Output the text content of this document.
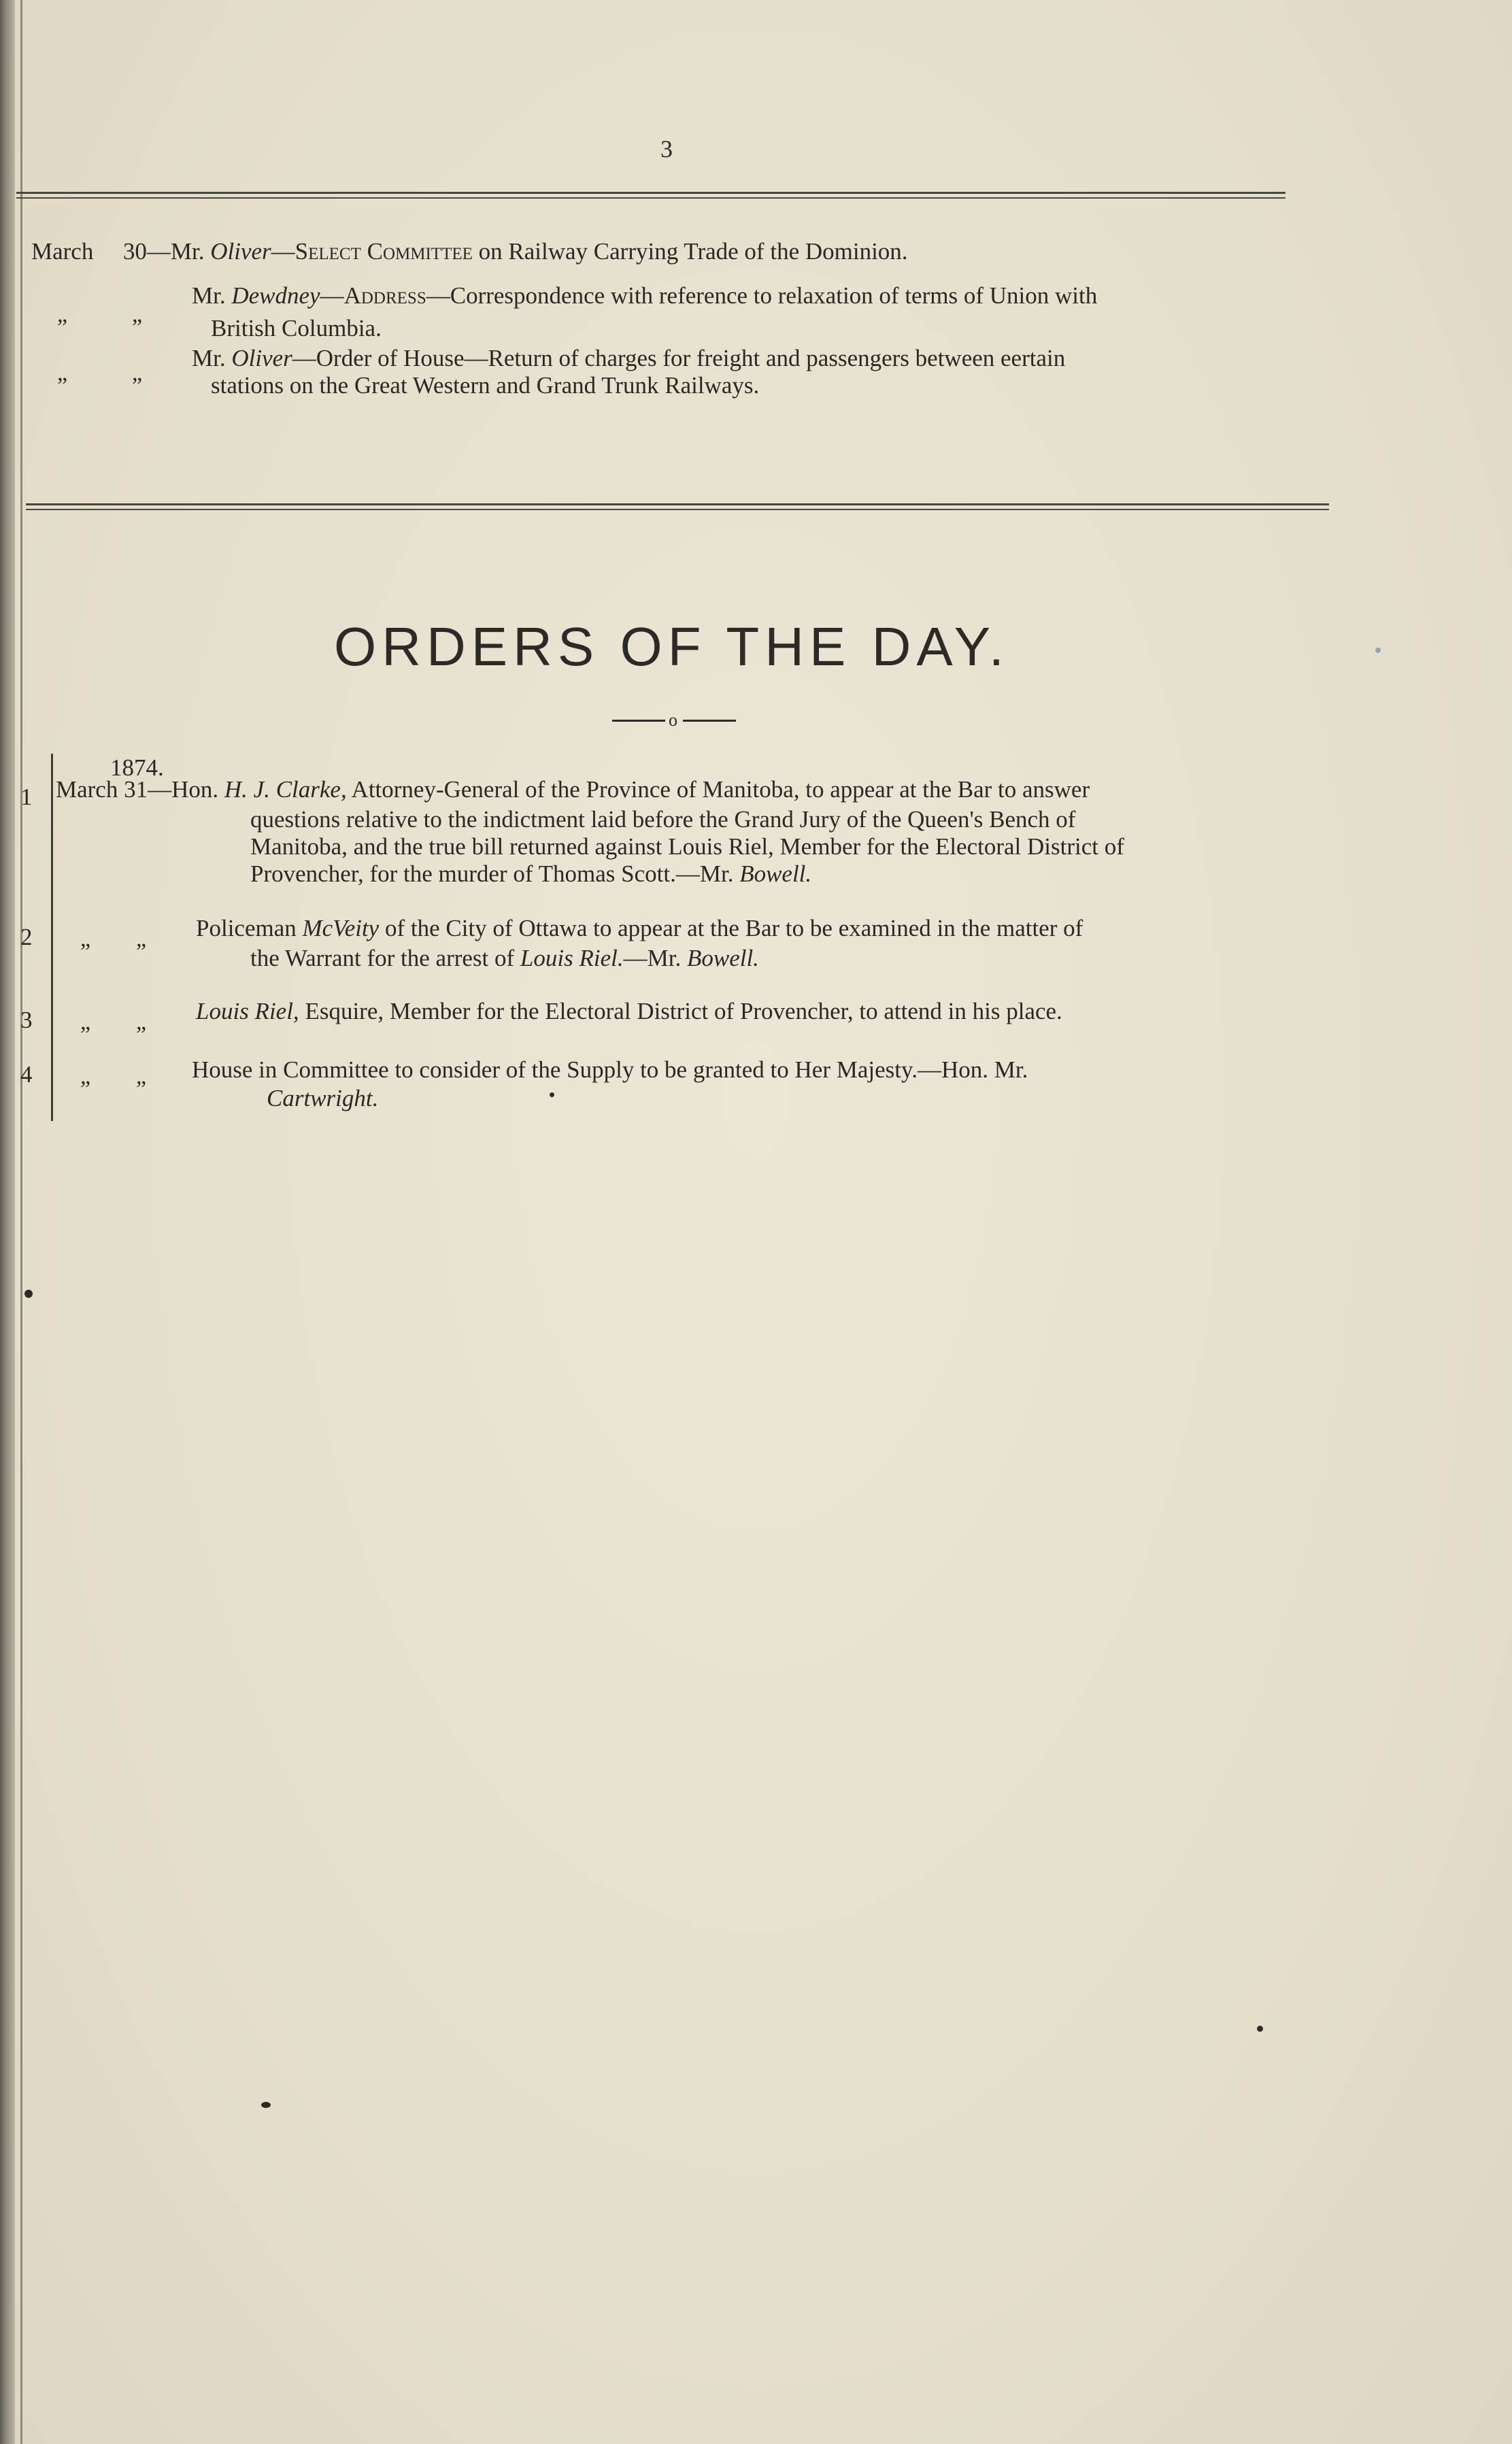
3
March 30—Mr. Oliver—Select Committee on Railway Carrying Trade of the Dominion.
„	„
Mr. Dewdney—Address—Correspondence with reference to relaxation of terms of Union with
British Columbia.
„	„
Mr. Oliver—Order of House—Return of charges for freight and passengers between eertain
stations on the Great Western and Grand Trunk Railways.
ORDERS OF THE DAY.
o
1874.
1 March 31—Hon. H. J. Clarke, Attorney-General of the Province of Manitoba, to appear at the Bar to answer
questions relative to the indictment laid before the Grand Jury of the Queen's Bench of
Manitoba, and the true bill returned against Louis Riel, Member for the Electoral District of
Provencher, for the murder of Thomas Scott.—Mr. Bowell.
2 „ „ Policeman McVeity of the City of Ottawa to appear at the Bar to be examined in the matter of
the Warrant for the arrest of Louis Riel.—Mr. Bowell.
3 „ „ Louis Riel, Esquire, Member for the Electoral District of Provencher, to attend in his place.
4 „ „ House in Committee to consider of the Supply to be granted to Her Majesty.—Hon. Mr.
Cartwright.
